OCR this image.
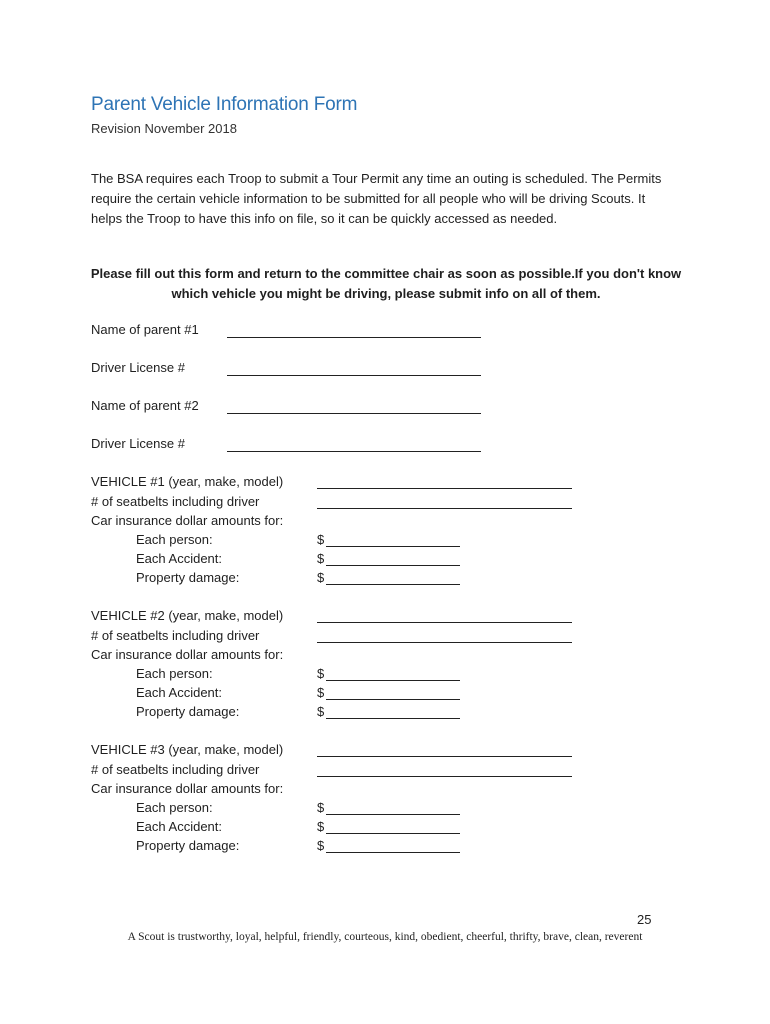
Parent Vehicle Information Form
Revision November 2018
The BSA requires each Troop to submit a Tour Permit any time an outing is scheduled. The Permits require the certain vehicle information to be submitted for all people who will be driving Scouts. It helps the Troop to have this info on file, so it can be quickly accessed as needed.
Please fill out this form and return to the committee chair as soon as possible.If you don't know which vehicle you might be driving, please submit info on all of them.
Name of parent #1
Driver License #
Name of parent #2
Driver License #
VEHICLE #1 (year, make, model)
# of seatbelts including driver
Car insurance dollar amounts for:
Each person:	$
Each Accident:	$
Property damage:	$
VEHICLE #2 (year, make, model)
# of seatbelts including driver
Car insurance dollar amounts for:
Each person:	$
Each Accident:	$
Property damage:	$
VEHICLE #3 (year, make, model)
# of seatbelts including driver
Car insurance dollar amounts for:
Each person:	$
Each Accident:	$
Property damage:	$
25
A Scout is trustworthy, loyal, helpful, friendly, courteous, kind, obedient, cheerful, thrifty, brave, clean, reverent
